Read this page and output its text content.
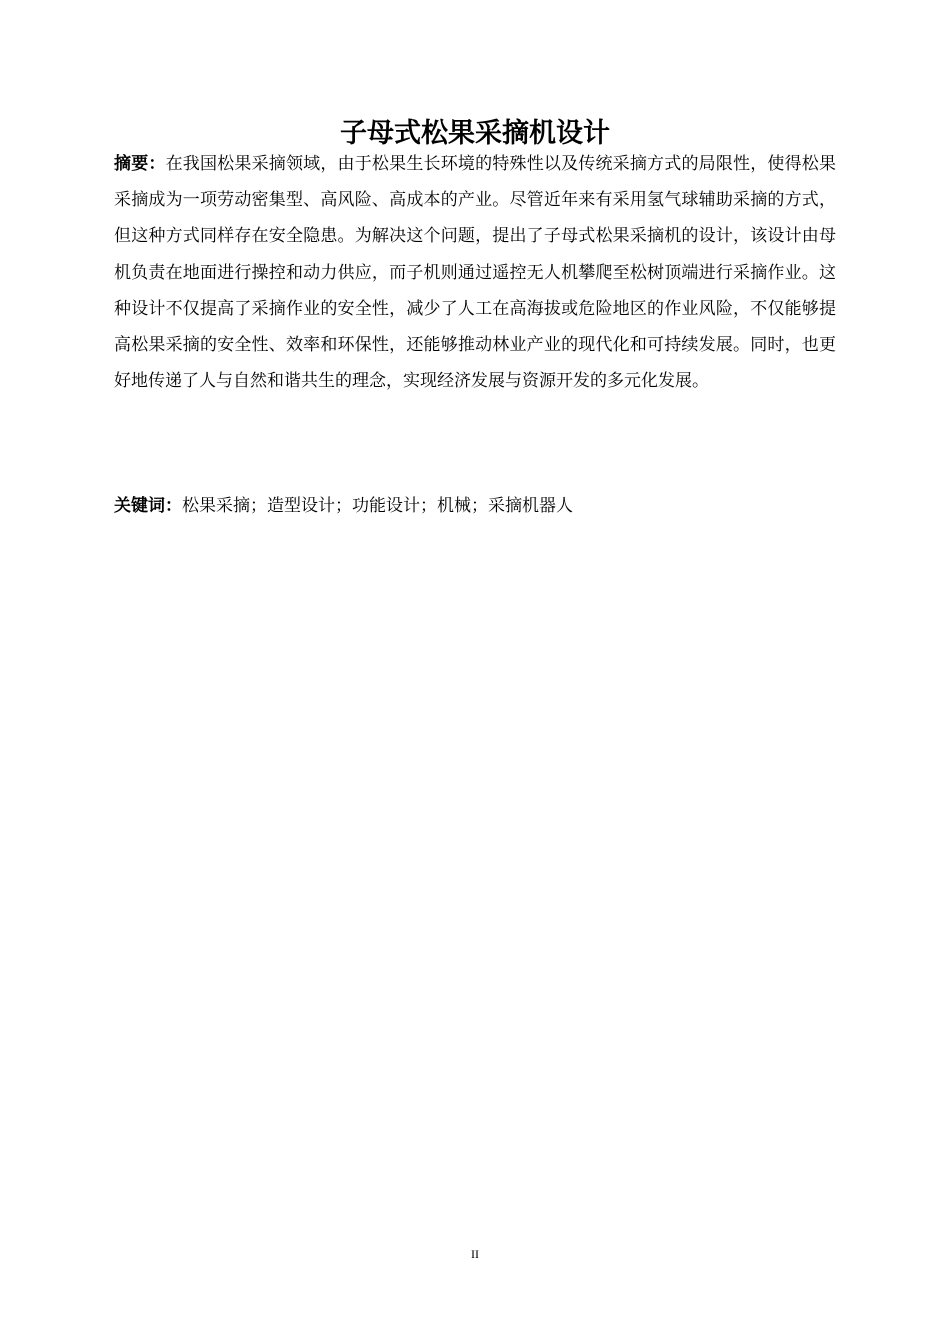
子母式松果采摘机设计

摘要：在我国松果采摘领域，由于松果生长环境的特殊性以及传统采摘方式的局限性，使得松果采摘成为一项劳动密集型、高风险、高成本的产业。尽管近年来有采用氢气球辅助采摘的方式，但这种方式同样存在安全隐患。为解决这个问题，提出了子母式松果采摘机的设计，该设计由母机负责在地面进行操控和动力供应，而子机则通过遥控无人机攀爬至松树顶端进行采摘作业。这种设计不仅提高了采摘作业的安全性，减少了人工在高海拔或危险地区的作业风险，不仅能够提高松果采摘的安全性、效率和环保性，还能够推动林业产业的现代化和可持续发展。同时，也更好地传递了人与自然和谐共生的理念，实现经济发展与资源开发的多元化发展。

关键词：松果采摘；造型设计；功能设计；机械；采摘机器人

II
